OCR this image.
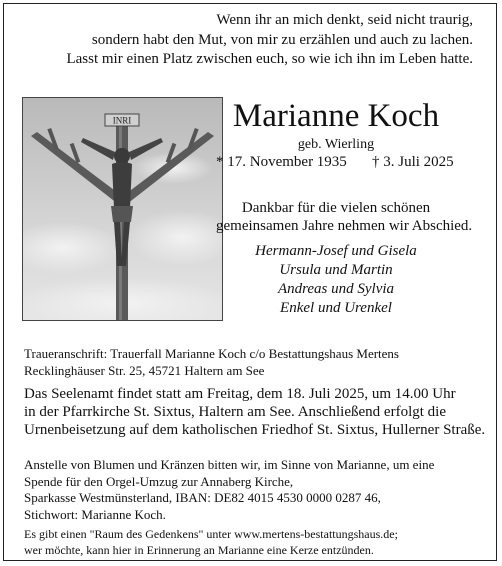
Wenn ihr an mich denkt, seid nicht traurig,
sondern habt den Mut, von mir zu erzählen und auch zu lachen.
Lasst mir einen Platz zwischen euch, so wie ich ihn im Leben hatte.
INRI	Marianne Koch
geb. Wierling
* 17. November 1935 † 3. Juli 2025
Dankbar für die vielen schönen
gemeinsamen Jahre nehmen wir Abschied.
Hermann-Josef und Gisela
Ursula und Martin
Andreas und Sylvia
Enkel und Urenkel
Traueranschrift: Trauerfall Marianne Koch c/o Bestattungshaus Mertens
Recklinghäuser Str. 25, 45721 Haltern am See
Das Seelenamt findet statt am Freitag, dem 18. Juli 2025, um 14.00 Uhr
in der Pfarrkirche St. Sixtus, Haltern am See. Anschließend erfolgt die
Urnenbeisetzung auf dem katholischen Friedhof St. Sixtus, Hullerner Straße.
Anstelle von Blumen und Kränzen bitten wir, im Sinne von Marianne, um eine
Spende für den Orgel-Umzug zur Annaberg Kirche,
Sparkasse Westmünsterland, IBAN: DE82 4015 4530 0000 0287 46,
Stichwort: Marianne Koch.
Es gibt einen "Raum des Gedenkens" unter www.mertens-bestattungshaus.de;
wer möchte, kann hier in Erinnerung an Marianne eine Kerze entzünden.
